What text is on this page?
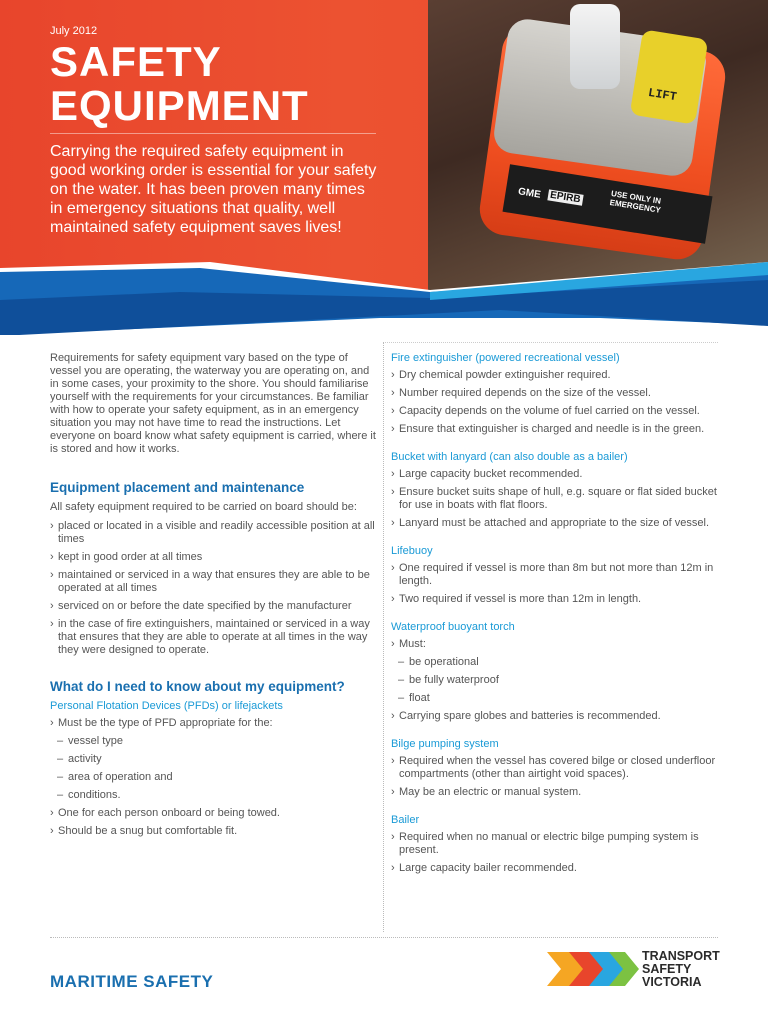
LIFT
GME EPIRB	USE ONLY IN EMERGENCY
July 2012
SAFETY
EQUIPMENT
Carrying the required safety equipment in good working order is essential for your safety on the water. It has been proven many times in emergency situations that quality, well maintained safety equipment saves lives!

Requirements for safety equipment vary based on the type of vessel you are operating, the waterway you are operating on, and in some cases, your proximity to the shore. You should familiarise yourself with the requirements for your circumstances. Be familiar with how to operate your safety equipment, as in an emergency situation you may not have time to read the instructions. Let everyone on board know what safety equipment is carried, where it is stored and how it works.

Equipment placement and maintenance
All safety equipment required to be carried on board should be:
› placed or located in a visible and readily accessible position at all times
› kept in good order at all times
› maintained or serviced in a way that ensures they are able to be operated at all times
› serviced on or before the date specified by the manufacturer
› in the case of fire extinguishers, maintained or serviced in a way that ensures that they are able to operate at all times in the way they were designed to operate.
What do I need to know about my equipment?
Personal Flotation Devices (PFDs) or lifejackets
› Must be the type of PFD appropriate for the:
– vessel type
– activity
– area of operation and
– conditions.
› One for each person onboard or being towed.
› Should be a snug but comfortable fit.
Fire extinguisher (powered recreational vessel)
› Dry chemical powder extinguisher required.
› Number required depends on the size of the vessel.
› Capacity depends on the volume of fuel carried on the vessel.
› Ensure that extinguisher is charged and needle is in the green.
Bucket with lanyard (can also double as a bailer)
› Large capacity bucket recommended.
› Ensure bucket suits shape of hull, e.g. square or flat sided bucket for use in boats with flat floors.
› Lanyard must be attached and appropriate to the size of vessel.
Lifebuoy
› One required if vessel is more than 8m but not more than 12m in length.
› Two required if vessel is more than 12m in length.
Waterproof buoyant torch
› Must:
– be operational
– be fully waterproof
– float
› Carrying spare globes and batteries is recommended.
Bilge pumping system
› Required when the vessel has covered bilge or closed underfloor compartments (other than airtight void spaces).
› May be an electric or manual system.
Bailer
› Required when no manual or electric bilge pumping system is present.
› Large capacity bailer recommended.
MARITIME SAFETY
TRANSPORT
SAFETY
VICTORIA
